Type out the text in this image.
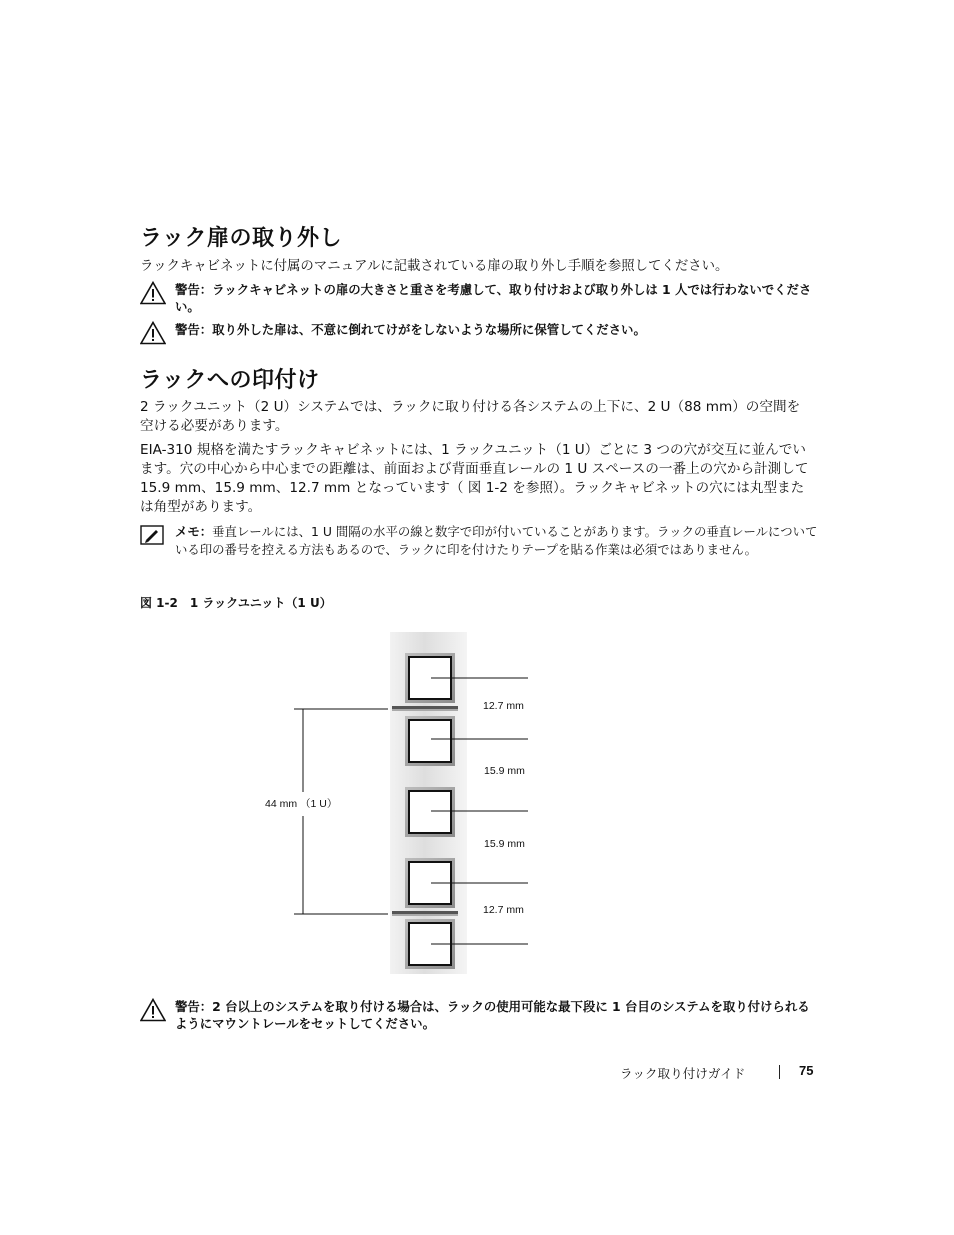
ラック扉の取り外し
ラックキャビネットに付属のマニュアルに記載されている扉の取り外し手順を参照してください。
警告：ラックキャビネットの扉の大きさと重さを考慮して、取り付けおよび取り外しは 1 人では行わないでください。
警告：取り外した扉は、不意に倒れてけがをしないような場所に保管してください。
ラックへの印付け
2 ラックユニット（2 U）システムでは、ラックに取り付ける各システムの上下に、2 U（88 mm）の空間を空ける必要があります。
EIA-310 規格を満たすラックキャビネットには、1 ラックユニット（1 U）ごとに 3 つの穴が交互に並んでいます。穴の中心から中心までの距離は、前面および背面垂直レールの 1 U スペースの一番上の穴から計測して 15.9 mm、15.9 mm、12.7 mm となっています（ 図 1-2 を参照）。ラックキャビネットの穴には丸型または角型があります。
メモ：垂直レールには、1 U 間隔の水平の線と数字で印が付いていることがあります。ラックの垂直レールについている印の番号を控える方法もあるので、ラックに印を付けたりテープを貼る作業は必須ではありません。
図 1-2　1 ラックユニット（1 U）
12.7 mm
15.9 mm
15.9 mm
12.7 mm
44 mm （1 U）
警告：2 台以上のシステムを取り付ける場合は、ラックの使用可能な最下段に 1 台目のシステムを取り付けられるようにマウントレールをセットしてください。
ラック取り付けガイド	75
